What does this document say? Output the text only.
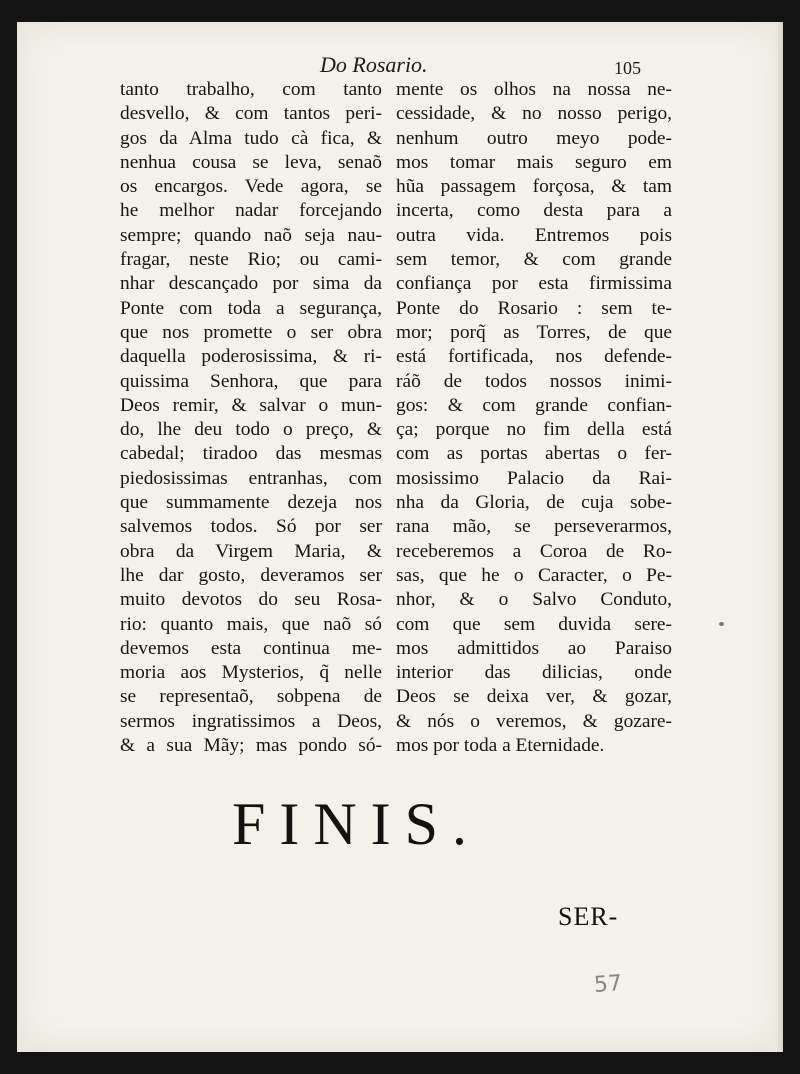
Do Rosario.	105
tanto trabalho, com tanto
desvello, & com tantos peri-
gos da Alma tudo cà fica, &
nenhua cousa se leva, senaõ
os encargos. Vede agora, se
he melhor nadar forcejando
sempre; quando naõ seja nau-
fragar, neste Rio; ou cami-
nhar descançado por sima da
Ponte com toda a segurança,
que nos promette o ser obra
daquella poderosissima, & ri-
quissima Senhora, que para
Deos remir, & salvar o mun-
do, lhe deu todo o preço, &
cabedal; tiradoo das mesmas
piedosissimas entranhas, com
que summamente dezeja nos
salvemos todos. Só por ser
obra da Virgem Maria, &
lhe dar gosto, deveramos ser
muito devotos do seu Rosa-
rio: quanto mais, que naõ só
devemos esta continua me-
moria aos Mysterios, q̃ nelle
se representaõ, sobpena de
sermos ingratissimos a Deos,
& a sua Mãy; mas pondo só-
mente os olhos na nossa ne-
cessidade, & no nosso perigo,
nenhum outro meyo pode-
mos tomar mais seguro em
hũa passagem forçosa, & tam
incerta, como desta para a
outra vida. Entremos pois
sem temor, & com grande
confiança por esta firmissima
Ponte do Rosario : sem te-
mor; porq̃ as Torres, de que
está fortificada, nos defende-
ráõ de todos nossos inimi-
gos: & com grande confian-
ça; porque no fim della está
com as portas abertas o fer-
mosissimo Palacio da Rai-
nha da Gloria, de cuja sobe-
rana mão, se perseverarmos,
receberemos a Coroa de Ro-
sas, que he o Caracter, o Pe-
nhor, & o Salvo Conduto,
com que sem duvida sere-
mos admittidos ao Paraiso
interior das dilicias, onde
Deos se deixa ver, & gozar,
& nós o veremos, & gozare-
mos por toda a Eternidade.
FINIS.
SER-
57
